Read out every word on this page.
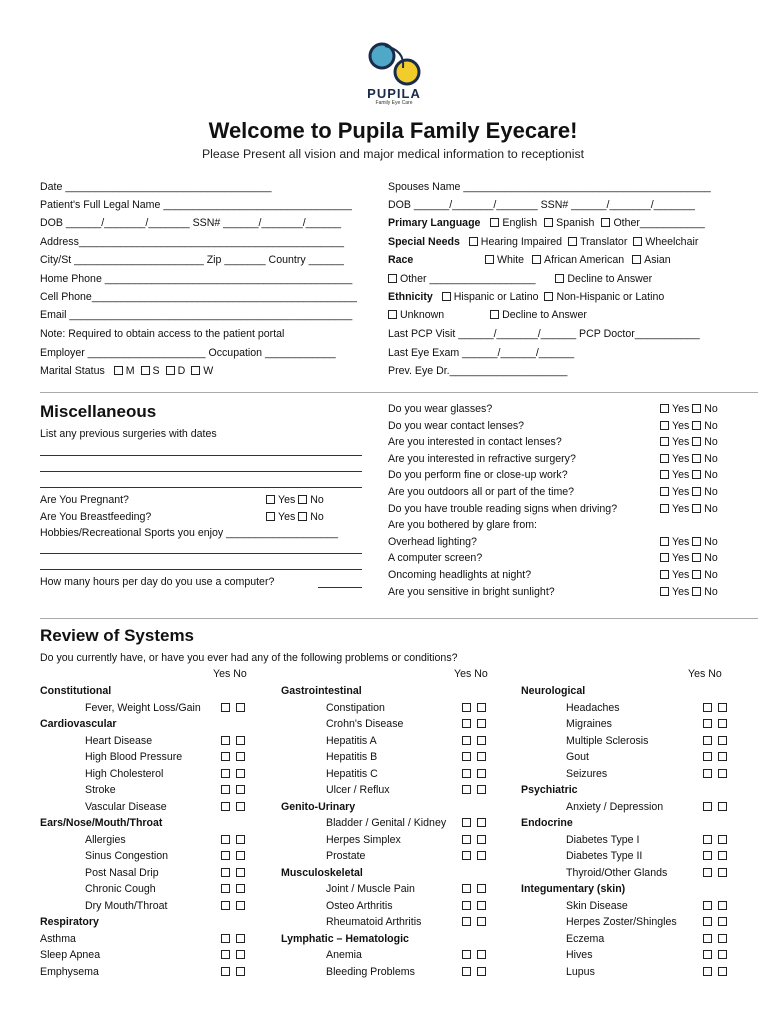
PUPILA
Family Eye Care
Welcome to Pupila Family Eyecare!
Please Present all vision and major medical information to receptionist
Date ___________________________________
Patient's Full Legal Name ________________________________
DOB ______/_______/_______ SSN# ______/_______/______
Address_____________________________________________
City/St ______________________ Zip _______ Country ______
Home Phone __________________________________________
Cell Phone_____________________________________________
Email ________________________________________________
Note: Required to obtain access to the patient portal
Employer ____________________ Occupation ____________
Marital Status M S D W
Spouses Name __________________________________________
DOB ______/_______/_______ SSN# ______/_______/_______
Primary Language English Spanish Other___________
Special Needs Hearing Impaired Translator Wheelchair
Race	White African American Asian
Other __________________	Decline to Answer
Ethnicity Hispanic or Latino Non-Hispanic or Latino
Unknown	Decline to Answer
Last PCP Visit ______/_______/______ PCP Doctor___________
Last Eye Exam ______/______/______
Prev. Eye Dr.____________________
Miscellaneous
List any previous surgeries with dates
Are You Pregnant?	Yes No
Are You Breastfeeding?	Yes No
Hobbies/Recreational Sports you enjoy ___________________
How many hours per day do you use a computer?
Do you wear glasses?	Yes No
Do you wear contact lenses?	Yes No
Are you interested in contact lenses?	Yes No
Are you interested in refractive surgery?	Yes No
Do you perform fine or close-up work?	Yes No
Are you outdoors all or part of the time?	Yes No
Do you have trouble reading signs when driving?	Yes No
Are you bothered by glare from:
Overhead lighting?	Yes No
A computer screen?	Yes No
Oncoming headlights at night?	Yes No
Are you sensitive in bright sunlight?	Yes No
Review of Systems
Do you currently have, or have you ever had any of the following problems or conditions?
Yes No	Yes No	Yes No
Constitutional
Fever, Weight Loss/Gain
Cardiovascular
Heart Disease
High Blood Pressure
High Cholesterol
Stroke
Vascular Disease
Ears/Nose/Mouth/Throat
Allergies
Sinus Congestion
Post Nasal Drip
Chronic Cough
Dry Mouth/Throat
Respiratory
Asthma
Sleep Apnea
Emphysema
Gastrointestinal
Constipation
Crohn's Disease
Hepatitis A
Hepatitis B
Hepatitis C
Ulcer / Reflux
Genito-Urinary
Bladder / Genital / Kidney
Herpes Simplex
Prostate
Musculoskeletal
Joint / Muscle Pain
Osteo Arthritis
Rheumatoid Arthritis
Lymphatic – Hematologic
Anemia
Bleeding Problems
Neurological
Headaches
Migraines
Multiple Sclerosis
Gout
Seizures
Psychiatric
Anxiety / Depression
Endocrine
Diabetes Type I
Diabetes Type II
Thyroid/Other Glands
Integumentary (skin)
Skin Disease
Herpes Zoster/Shingles
Eczema
Hives
Lupus
